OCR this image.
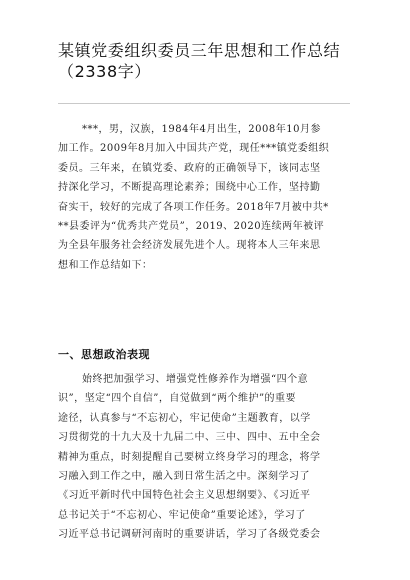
某镇党委组织委员三年思想和工作总结
（2338字）
***，男，汉族，1984年4月出生，2008年10月参
加工作。2009年8月加入中国共产党，现任***镇党委组织
委员。三年来，在镇党委、政府的正确领导下，该同志坚
持深化学习，不断提高理论素养；围绕中心工作，坚持勤
奋实干，较好的完成了各项工作任务。2018年7月被中共*
**县委评为“优秀共产党员”，2019、2020连续两年被评
为全县年服务社会经济发展先进个人。现将本人三年来思
想和工作总结如下：
一、思想政治表现
始终把加强学习、增强党性修养作为增强“四个意
识”，坚定“四个自信”，自觉做到“两个维护”的重要
途径，认真参与“不忘初心，牢记使命”主题教育，以学
习贯彻党的十九大及十九届二中、三中、四中、五中全会
精神为重点，时刻提醒自己要树立终身学习的理念，将学
习融入到工作之中，融入到日常生活之中。深刻学习了
《习近平新时代中国特色社会主义思想纲要》、《习近平
总书记关于“不忘初心、牢记使命”重要论述》，学习了
习近平总书记调研河南时的重要讲话，学习了各级党委会
